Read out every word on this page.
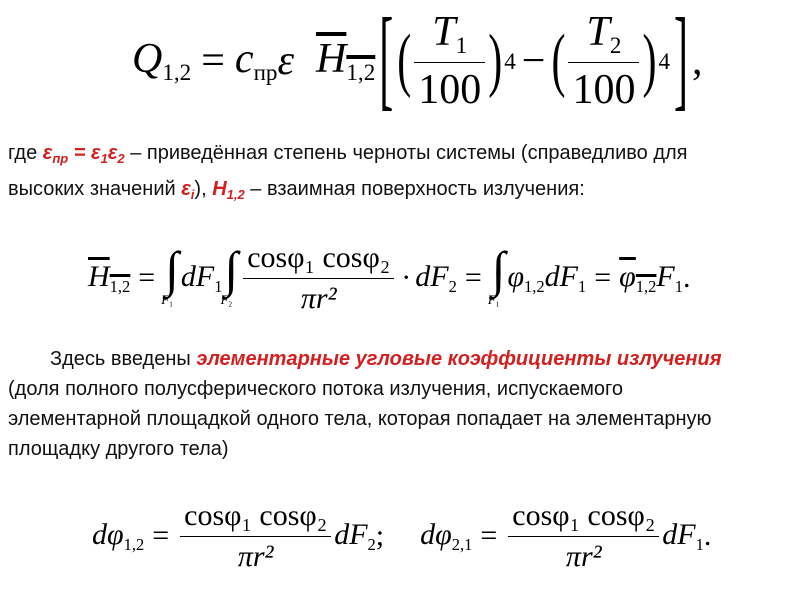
$Q_{1,2} = c_{пр}$ ε $H_{1,2}$ [ ( $\frac{T_1}{100}$ ) 4 − ( $\frac{T_2}{100}$ ) 4 ] ,
где εпр = ε1ε2 – приведённая степень черноты системы (справедливо для высоких значений εi), H1,2 – взаимная поверхность излучения:
$H_{1,2}$ = ∫
$F_1$
$dF_1$ ∫
$F_2 \frac{\text{cosφ₁ cosφ₂}}{\text{πr²}} \cdot dF_2$ = ∫
$F_1$
$\varphi_{1,2}$ $dF_1 = \varphi_{1,2}$ $F_1$ .
Здесь введены элементарные угловые коэффициенты излучения (доля полного полусферического потока излучения, испускаемого элементарной площадкой одного тела, которая попадает на элементарную площадку другого тела)
$d\varphi_{1,2} = \frac{\text{cosφ₁ cosφ₂}}{\text{πr²}} dF_2$ ; $d\varphi_{2,1} = \frac{\text{cosφ₁ cosφ₂}}{\text{πr²}} dF_1$ .
